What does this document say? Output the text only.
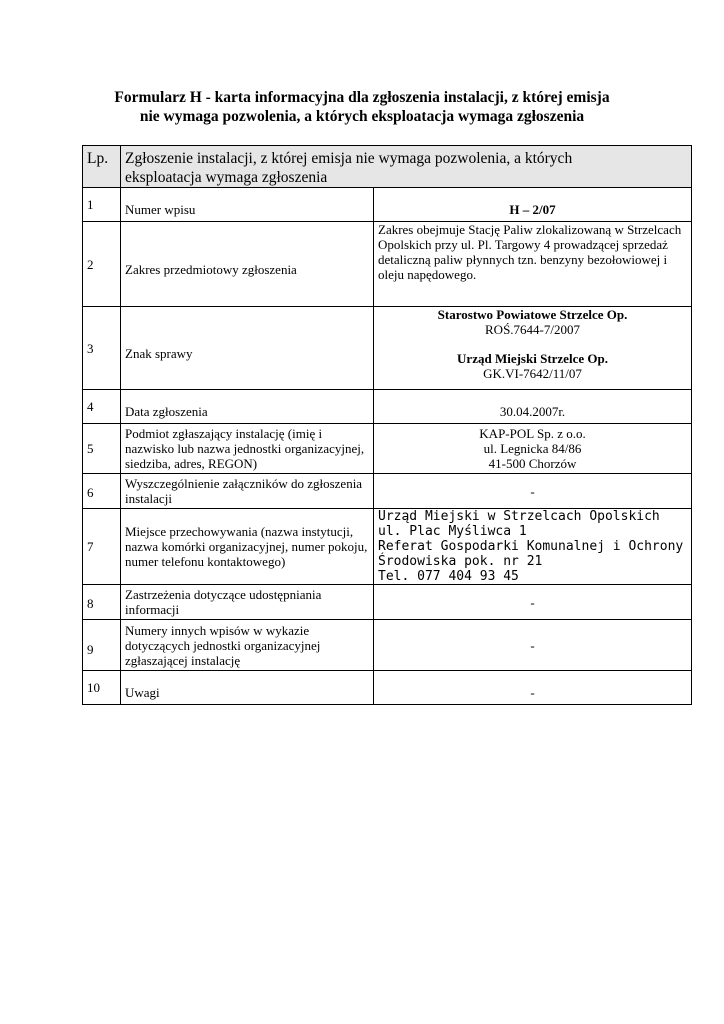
Formularz H - karta informacyjna dla zgłoszenia instalacji, z której emisja
nie wymaga pozwolenia, a których eksploatacja wymaga zgłoszenia
Lp.	Zgłoszenie instalacji, z której emisja nie wymaga pozwolenia, a których
eksploatacja wymaga zgłoszenia	

1	Numer wpisu	H – 2/07
2	Zakres przedmiotowy zgłoszenia	Zakres obejmuje Stację Paliw zlokalizowaną w Strzelcach Opolskich przy ul. Pl. Targowy 4 prowadzącej sprzedaż detaliczną paliw płynnych tzn. benzyny bezołowiowej i oleju napędowego.
3	Znak sprawy	Starostwo Powiatowe Strzelce Op.
ROŚ.7644-7/2007
Urząd Miejski Strzelce Op.
GK.VI-7642/11/07

4	Data zgłoszenia	30.04.2007r.
5	Podmiot zgłaszający instalację (imię i nazwisko lub nazwa jednostki organizacyjnej, siedziba, adres, REGON)	KAP-POL Sp. z o.o.
ul. Legnicka 84/86
41-500 Chorzów

6	Wyszczególnienie załączników do zgłoszenia instalacji	-
7	Miejsce przechowywania (nazwa instytucji, nazwa komórki organizacyjnej, numer pokoju, numer telefonu kontaktowego)	Urząd Miejski w Strzelcach Opolskich
ul. Plac Myśliwca 1
Referat Gospodarki Komunalnej i Ochrony
Środowiska pok. nr 21
Tel. 077 404 93 45

8	Zastrzeżenia dotyczące udostępniania informacji	-
9	Numery innych wpisów w wykazie dotyczących jednostki organizacyjnej zgłaszającej instalację	-
10	Uwagi	-
